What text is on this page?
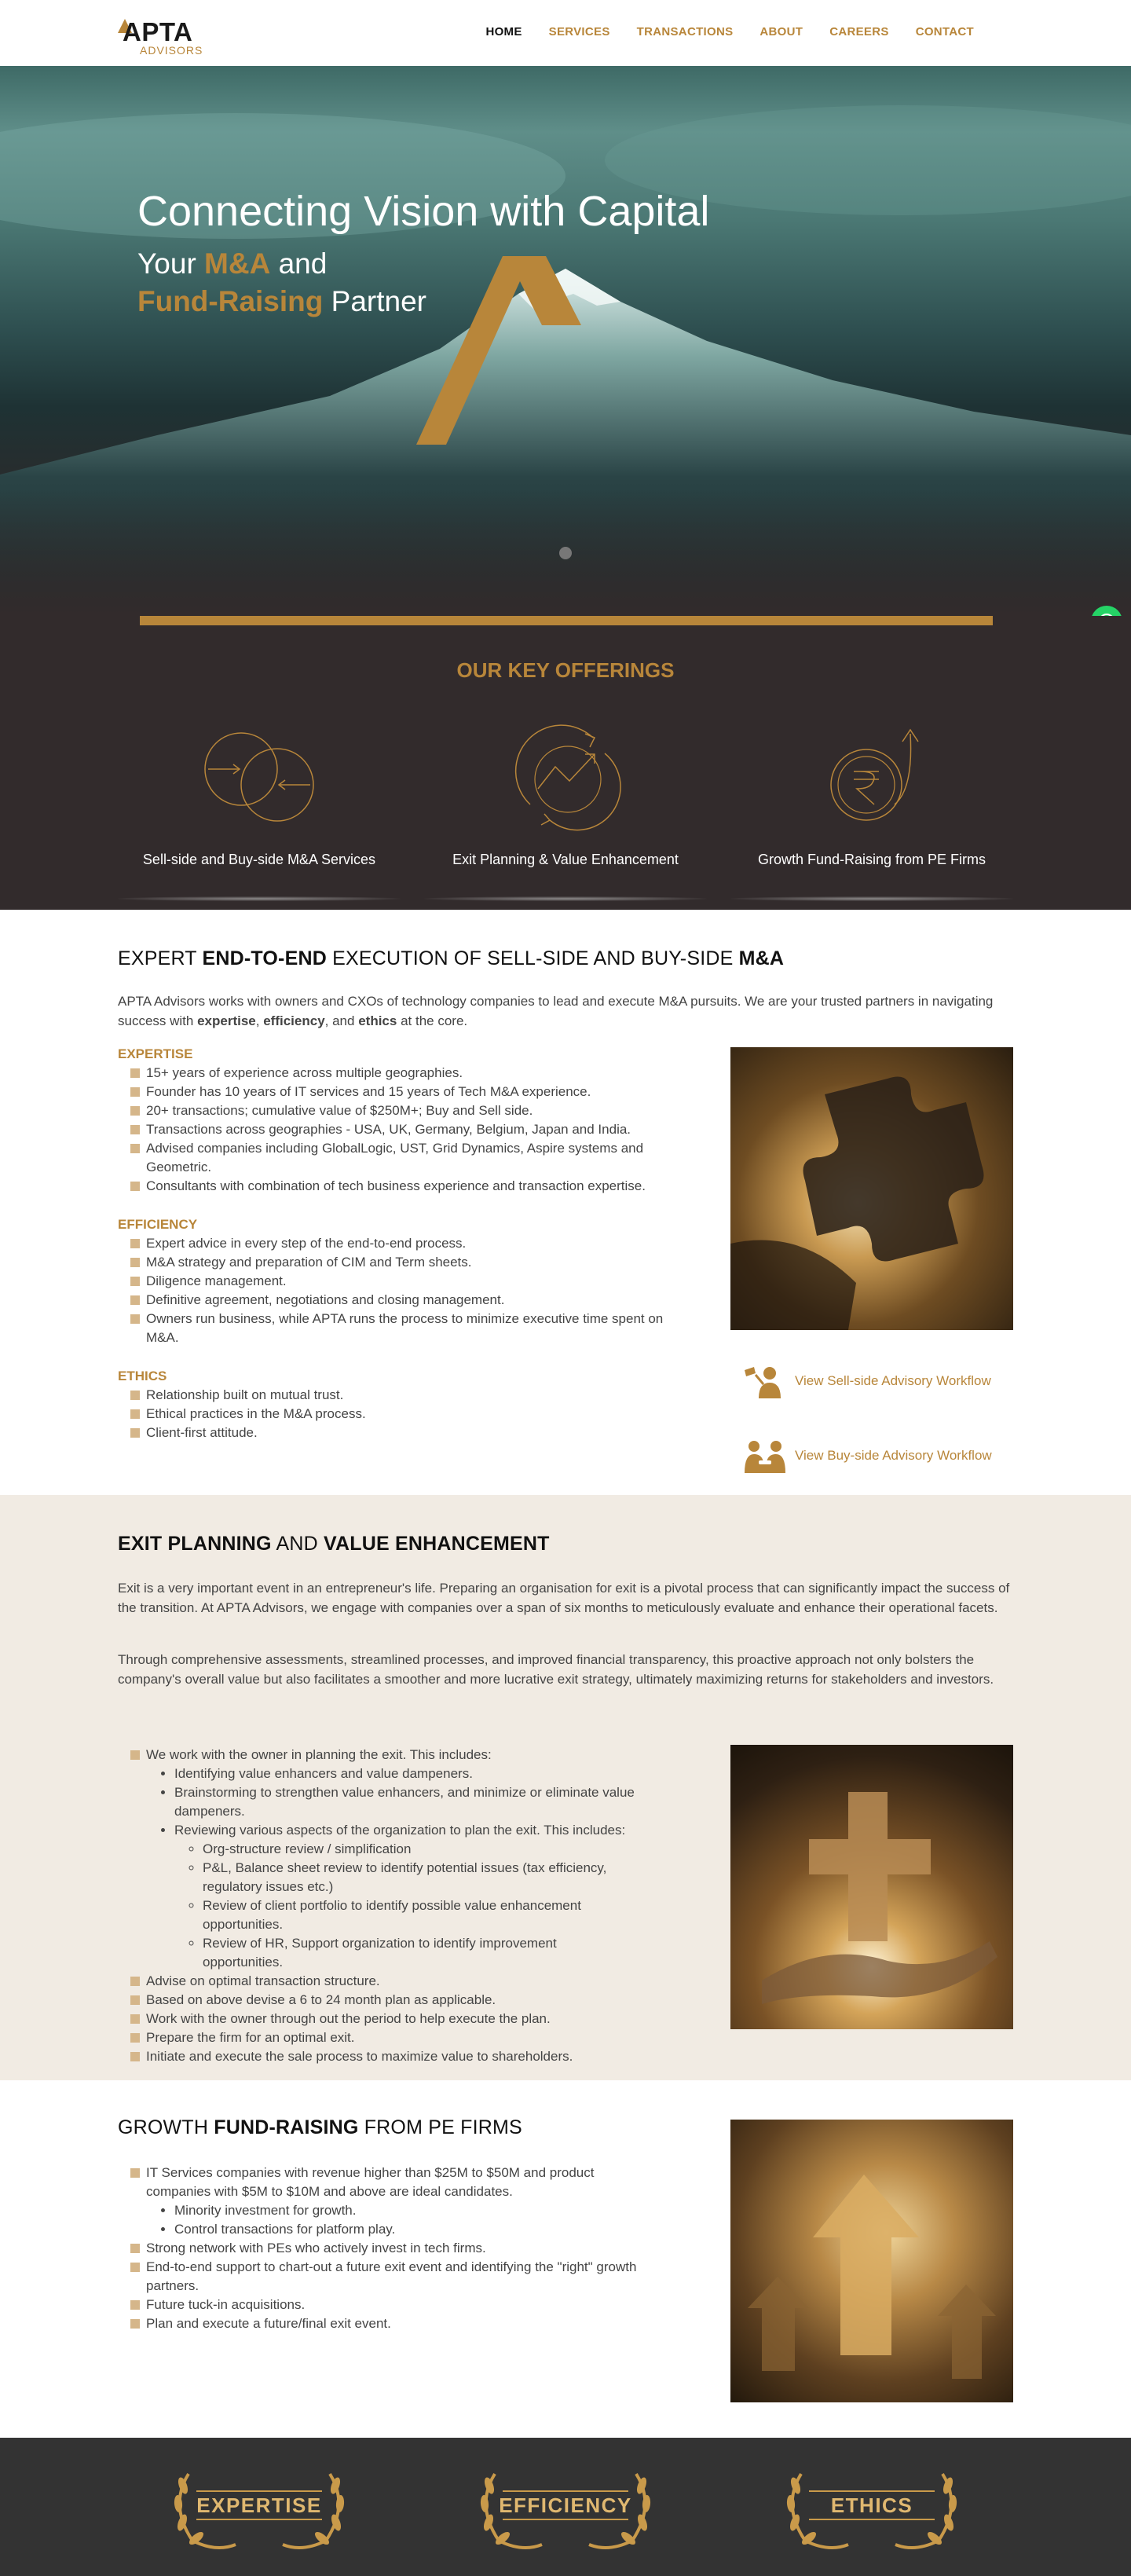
APTA
ADVISORS
HOME SERVICES TRANSACTIONS ABOUT CAREERS CONTACT
Connecting Vision with Capital
Your M&A and
Fund-Raising Partner
OUR KEY OFFERINGS
Sell-side and Buy-side M&A Services	Exit Planning & Value Enhancement	Growth Fund-Raising from PE Firms
EXPERT END-TO-END EXECUTION OF SELL-SIDE AND BUY-SIDE M&A

APTA Advisors works with owners and CXOs of technology companies to lead and execute M&A pursuits. We are your trusted partners in navigating success with expertise, efficiency, and ethics at the core.

EXPERTISE
15+ years of experience across multiple geographies.
Founder has 10 years of IT services and 15 years of Tech M&A experience.
20+ transactions; cumulative value of $250M+; Buy and Sell side.
Transactions across geographies - USA, UK, Germany, Belgium, Japan and India.
Advised companies including GlobalLogic, UST, Grid Dynamics, Aspire systems and Geometric.
Consultants with combination of tech business experience and transaction expertise.
EFFICIENCY
Expert advice in every step of the end-to-end process.
M&A strategy and preparation of CIM and Term sheets.
Diligence management.
Definitive agreement, negotiations and closing management.
Owners run business, while APTA runs the process to minimize executive time spent on M&A.
ETHICS
Relationship built on mutual trust.
Ethical practices in the M&A process.
Client-first attitude.
View Sell-side Advisory Workflow
View Buy-side Advisory Workflow
EXIT PLANNING AND VALUE ENHANCEMENT

Exit is a very important event in an entrepreneur's life. Preparing an organisation for exit is a pivotal process that can significantly impact the success of the transition. At APTA Advisors, we engage with companies over a span of six months to meticulously evaluate and enhance their operational facets.

Through comprehensive assessments, streamlined processes, and improved financial transparency, this proactive approach not only bolsters the company's overall value but also facilitates a smoother and more lucrative exit strategy, ultimately maximizing returns for stakeholders and investors.

We work with the owner in planning the exit. This includes:
• Identifying value enhancers and value dampeners.
• Brainstorming to strengthen value enhancers, and minimize or eliminate value dampeners.
• Reviewing various aspects of the organization to plan the exit. This includes:
◦ Org-structure review / simplification
◦ P&L, Balance sheet review to identify potential issues (tax efficiency, regulatory issues etc.)
◦ Review of client portfolio to identify possible value enhancement opportunities.
◦ Review of HR, Support organization to identify improvement opportunities.
Advise on optimal transaction structure.
Based on above devise a 6 to 24 month plan as applicable.
Work with the owner through out the period to help execute the plan.
Prepare the firm for an optimal exit.
Initiate and execute the sale process to maximize value to shareholders.
GROWTH FUND-RAISING FROM PE FIRMS
IT Services companies with revenue higher than $25M to $50M and product companies with $5M to $10M and above are ideal candidates.
• Minority investment for growth.
• Control transactions for platform play.
Strong network with PEs who actively invest in tech firms.
End-to-end support to chart-out a future exit event and identifying the "right" growth partners.
Future tuck-in acquisitions.
Plan and execute a future/final exit event.
EXPERTISE	EFFICIENCY	ETHICS
